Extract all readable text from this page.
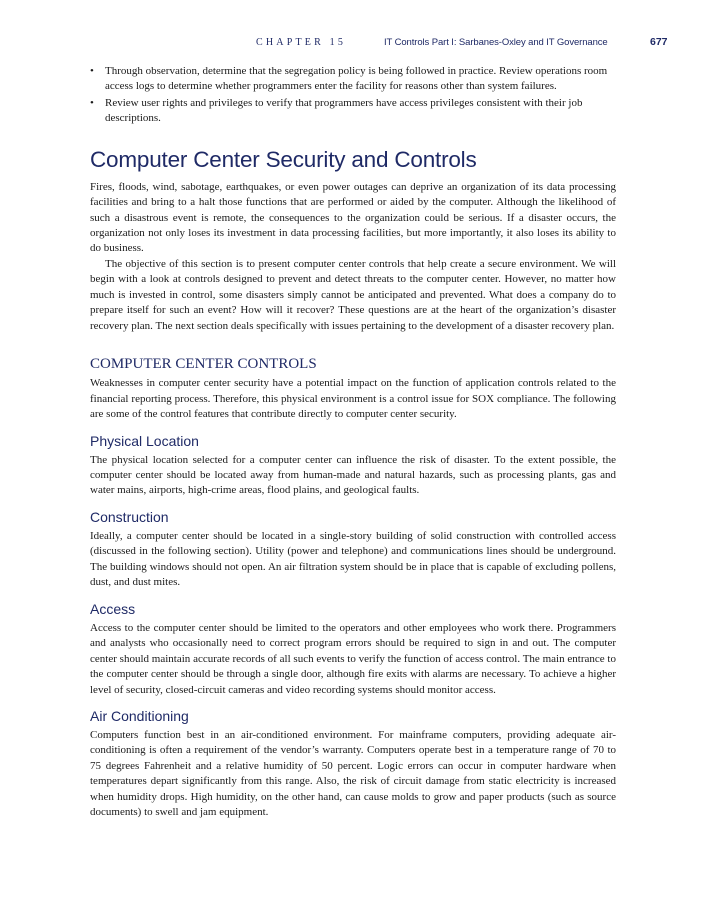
CHAPTER 15	IT Controls Part I: Sarbanes-Oxley and IT Governance	677
• Through observation, determine that the segregation policy is being followed in practice. Review operations room access logs to determine whether programmers enter the facility for reasons other than system failures.
• Review user rights and privileges to verify that programmers have access privileges consistent with their job descriptions.
Computer Center Security and Controls

Fires, floods, wind, sabotage, earthquakes, or even power outages can deprive an organization of its data processing facilities and bring to a halt those functions that are performed or aided by the computer. Although the likelihood of such a disastrous event is remote, the consequences to the organization could be serious. If a disaster occurs, the organization not only loses its investment in data processing facilities, but more importantly, it also loses its ability to do business.

The objective of this section is to present computer center controls that help create a secure environment. We will begin with a look at controls designed to prevent and detect threats to the computer center. However, no matter how much is invested in control, some disasters simply cannot be anticipated and prevented. What does a company do to prepare itself for such an event? How will it recover? These questions are at the heart of the organization’s disaster recovery plan. The next section deals specifically with issues pertaining to the development of a disaster recovery plan.

COMPUTER CENTER CONTROLS

Weaknesses in computer center security have a potential impact on the function of application controls related to the financial reporting process. Therefore, this physical environment is a control issue for SOX compliance. The following are some of the control features that contribute directly to computer center security.

Physical Location

The physical location selected for a computer center can influence the risk of disaster. To the extent possible, the computer center should be located away from human-made and natural hazards, such as processing plants, gas and water mains, airports, high-crime areas, flood plains, and geological faults.

Construction

Ideally, a computer center should be located in a single-story building of solid construction with controlled access (discussed in the following section). Utility (power and telephone) and communications lines should be underground. The building windows should not open. An air filtration system should be in place that is capable of excluding pollens, dust, and dust mites.

Access

Access to the computer center should be limited to the operators and other employees who work there. Programmers and analysts who occasionally need to correct program errors should be required to sign in and out. The computer center should maintain accurate records of all such events to verify the function of access control. The main entrance to the computer center should be through a single door, although fire exits with alarms are necessary. To achieve a higher level of security, closed-circuit cameras and video recording systems should monitor access.

Air Conditioning

Computers function best in an air-conditioned environment. For mainframe computers, providing adequate air-conditioning is often a requirement of the vendor’s warranty. Computers operate best in a temperature range of 70 to 75 degrees Fahrenheit and a relative humidity of 50 percent. Logic errors can occur in computer hardware when temperatures depart significantly from this range. Also, the risk of circuit damage from static electricity is increased when humidity drops. High humidity, on the other hand, can cause molds to grow and paper products (such as source documents) to swell and jam equipment.
